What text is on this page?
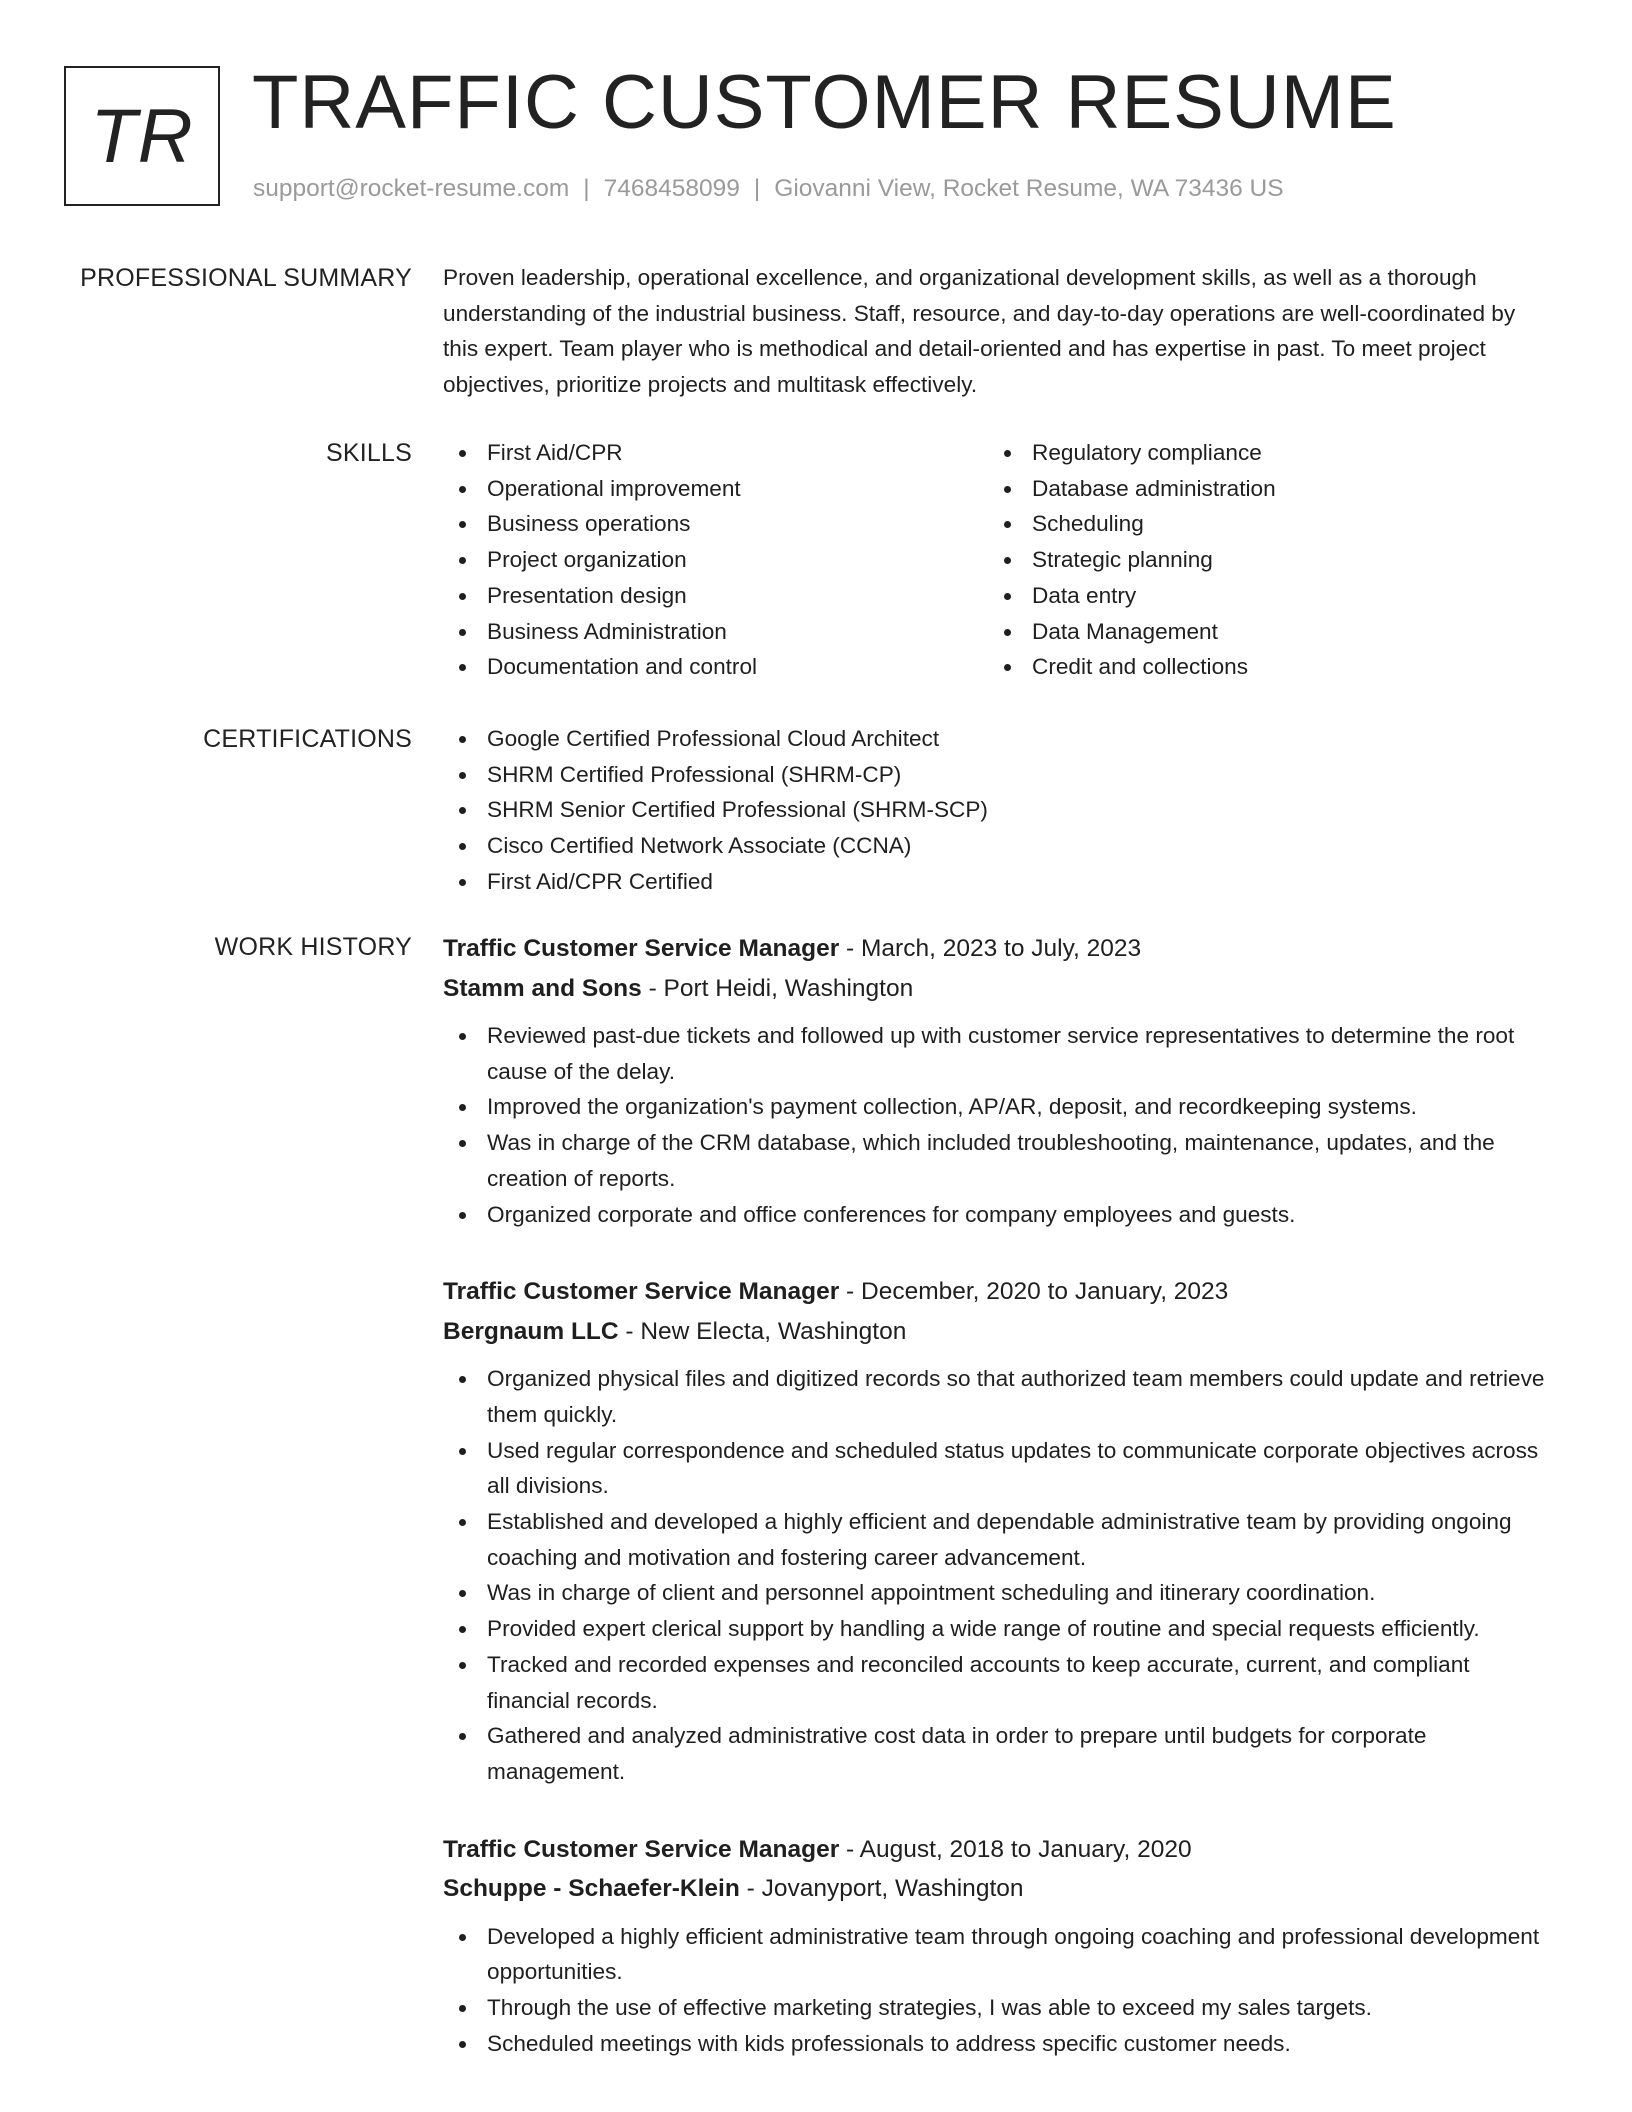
TR TRAFFIC CUSTOMER RESUME
support@rocket-resume.com | 7468458099 | Giovanni View, Rocket Resume, WA 73436 US
PROFESSIONAL SUMMARY Proven leadership, operational excellence, and organizational development skills, as well as a thorough understanding of the industrial business. Staff, resource, and day-to-day operations are well-coordinated by this expert. Team player who is methodical and detail-oriented and has expertise in past. To meet project objectives, prioritize projects and multitask effectively.

SKILLS	First Aid/CPR
Operational improvement
Business operations
Project organization
Presentation design
Business Administration
Documentation and control
Regulatory compliance
Database administration
Scheduling
Strategic planning
Data entry
Data Management
Credit and collections
CERTIFICATIONS	Google Certified Professional Cloud Architect
SHRM Certified Professional (SHRM-CP)
SHRM Senior Certified Professional (SHRM-SCP)
Cisco Certified Network Associate (CCNA)
First Aid/CPR Certified
WORK HISTORY Traffic Customer Service Manager - March, 2023 to July, 2023
Stamm and Sons - Port Heidi, Washington
Reviewed past-due tickets and followed up with customer service representatives to determine the root cause of the delay.
Improved the organization's payment collection, AP/AR, deposit, and recordkeeping systems.
Was in charge of the CRM database, which included troubleshooting, maintenance, updates, and the creation of reports.
Organized corporate and office conferences for company employees and guests.
Traffic Customer Service Manager - December, 2020 to January, 2023
Bergnaum LLC - New Electa, Washington
Organized physical files and digitized records so that authorized team members could update and retrieve them quickly.
Used regular correspondence and scheduled status updates to communicate corporate objectives across all divisions.
Established and developed a highly efficient and dependable administrative team by providing ongoing coaching and motivation and fostering career advancement.
Was in charge of client and personnel appointment scheduling and itinerary coordination.
Provided expert clerical support by handling a wide range of routine and special requests efficiently.
Tracked and recorded expenses and reconciled accounts to keep accurate, current, and compliant financial records.
Gathered and analyzed administrative cost data in order to prepare until budgets for corporate management.
Traffic Customer Service Manager - August, 2018 to January, 2020
Schuppe - Schaefer-Klein - Jovanyport, Washington
Developed a highly efficient administrative team through ongoing coaching and professional development opportunities.
Through the use of effective marketing strategies, I was able to exceed my sales targets.
Scheduled meetings with kids professionals to address specific customer needs.
